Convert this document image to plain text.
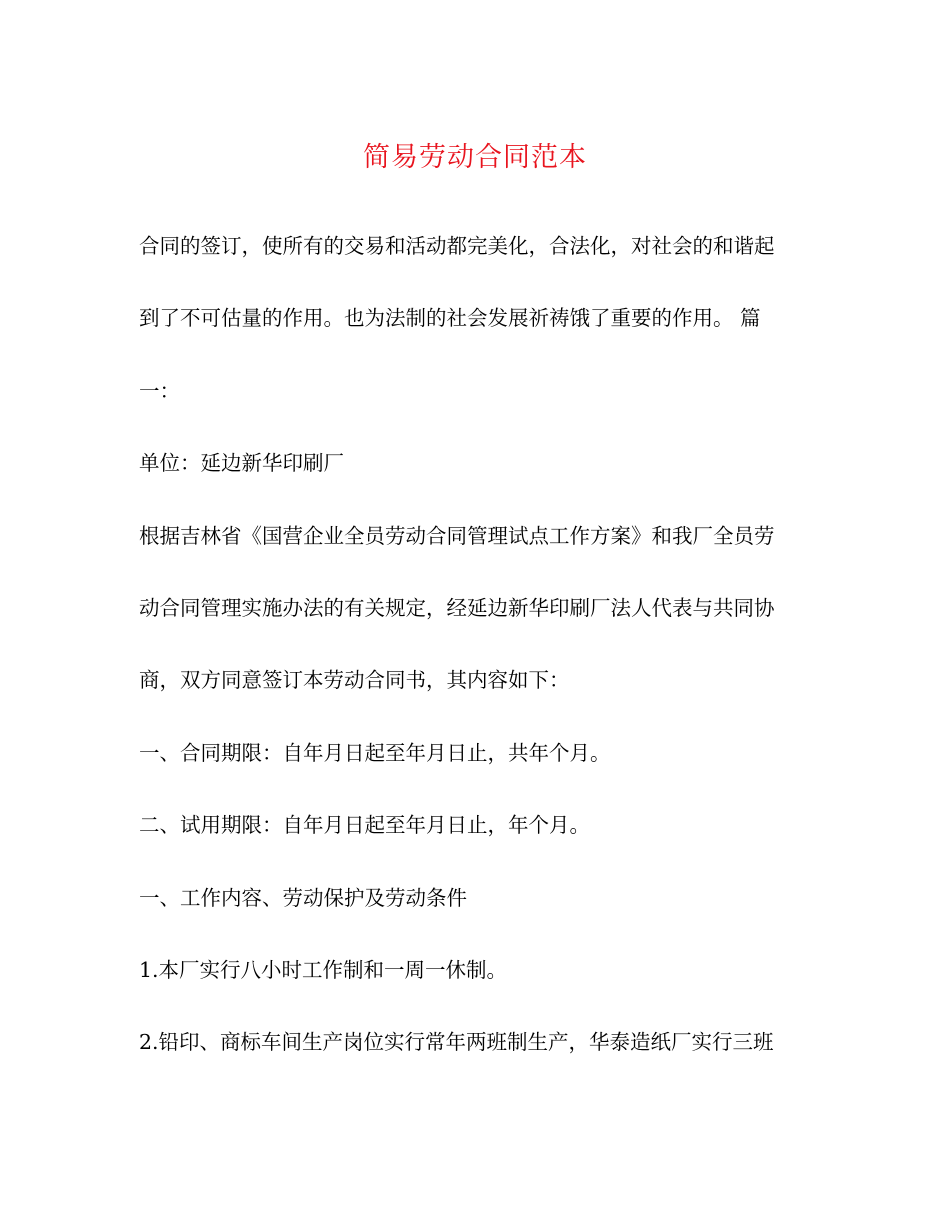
简易劳动合同范本
合同的签订，使所有的交易和活动都完美化，合法化，对社会的和谐起
到了不可估量的作用。也为法制的社会发展祈祷饿了重要的作用。 篇
一：
单位：延边新华印刷厂
根据吉林省《国营企业全员劳动合同管理试点工作方案》和我厂全员劳
动合同管理实施办法的有关规定，经延边新华印刷厂法人代表与共同协
商，双方同意签订本劳动合同书，其内容如下：
一、合同期限：自年月日起至年月日止，共年个月。
二、试用期限：自年月日起至年月日止，年个月。
一、工作内容、劳动保护及劳动条件
1.本厂实行八小时工作制和一周一休制。
2.铅印、商标车间生产岗位实行常年两班制生产，华泰造纸厂实行三班
